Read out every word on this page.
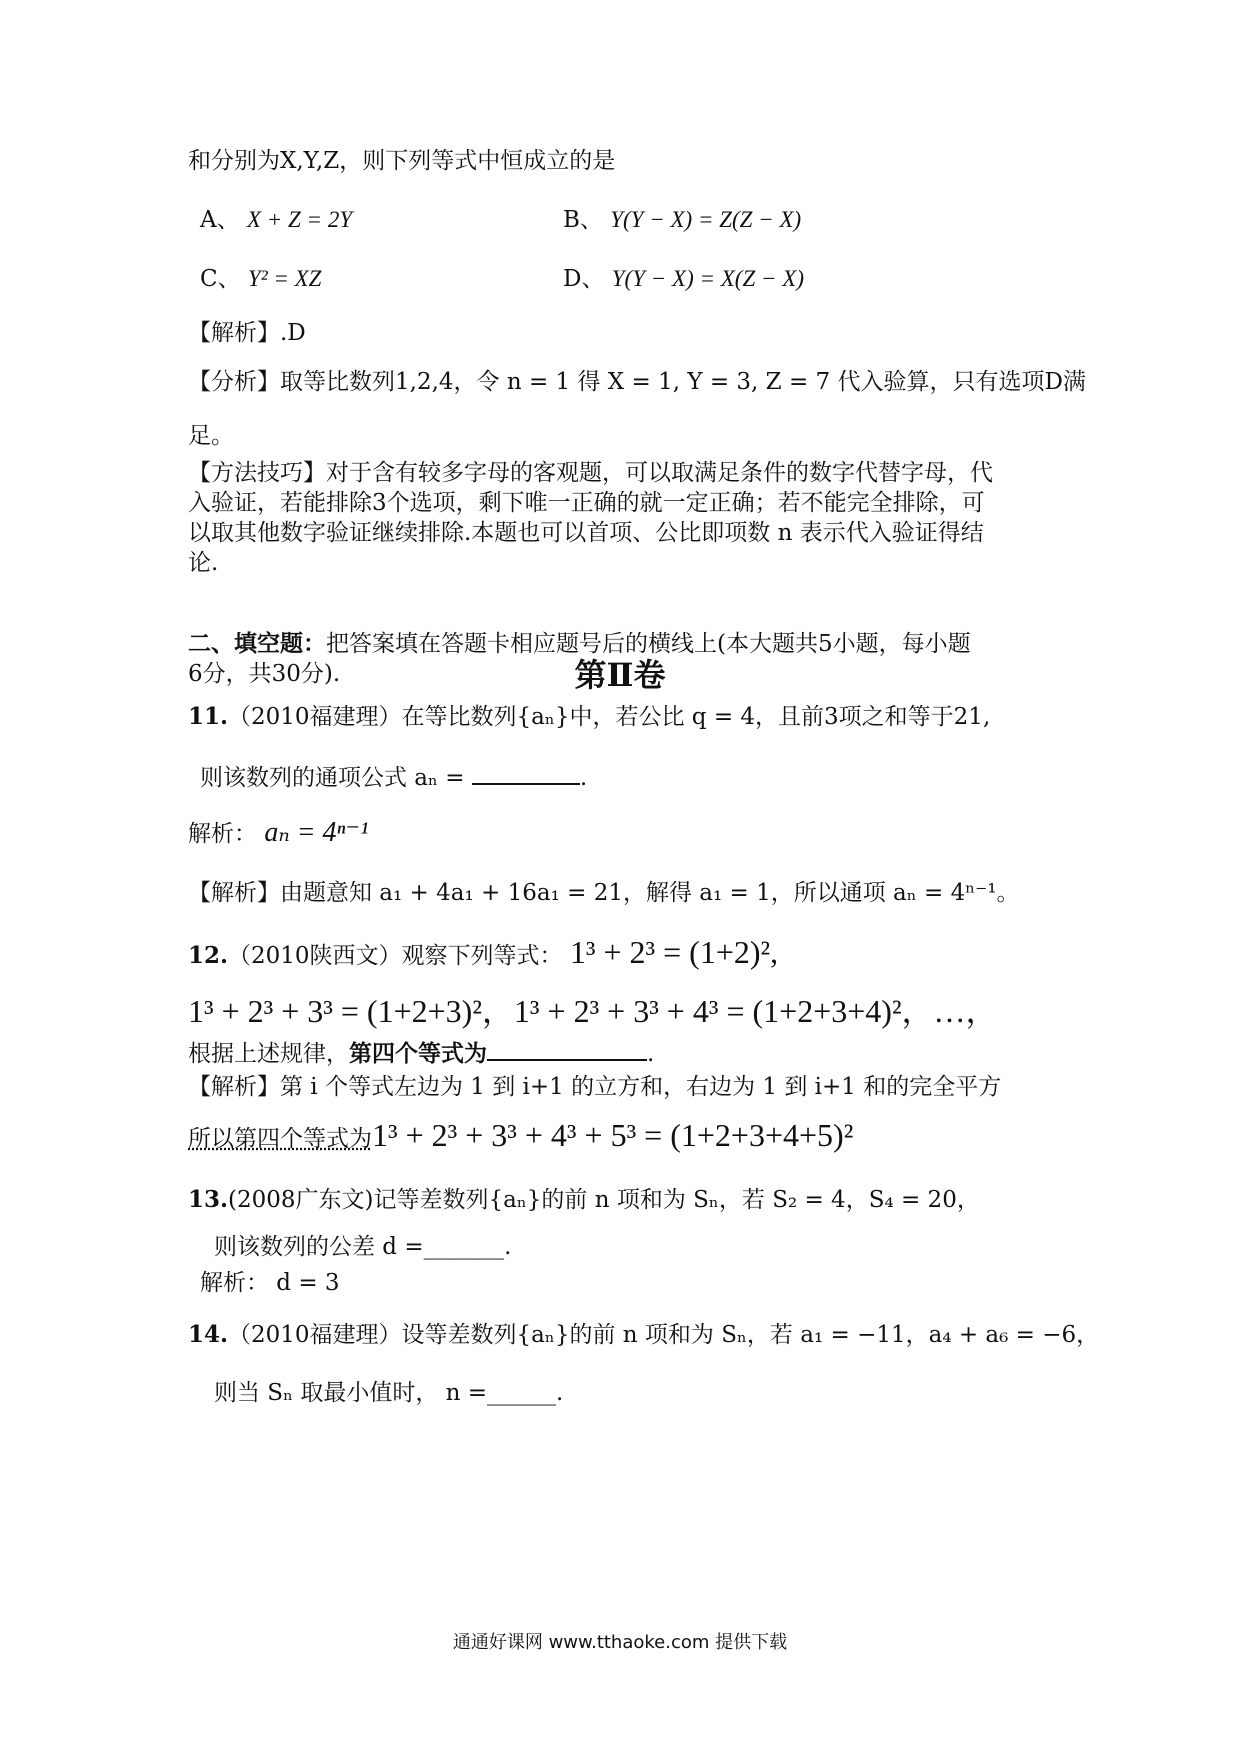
和分别为X,Y,Z，则下列等式中恒成立的是
A、 X + Z = 2Y	B、 Y(Y − X) = Z(Z − X)
C、 Y² = XZ	D、 Y(Y − X) = X(Z − X)
【解析】.D
【分析】取等比数列1,2,4，令 n = 1 得 X = 1, Y = 3, Z = 7 代入验算，只有选项D满
足。
【方法技巧】对于含有较多字母的客观题，可以取满足条件的数字代替字母，代
入验证，若能排除3个选项，剩下唯一正确的就一定正确；若不能完全排除，可
以取其他数字验证继续排除.本题也可以首项、公比即项数 n 表示代入验证得结
论.
第Ⅱ卷
二、填空题：把答案填在答题卡相应题号后的横线上(本大题共5小题，每小题
6分，共30分).
11.（2010福建理）在等比数列{aₙ}中，若公比 q = 4，且前3项之和等于21,
则该数列的通项公式 aₙ =	.
解析： aₙ = 4ⁿ⁻¹
【解析】由题意知 a₁ + 4a₁ + 16a₁ = 21，解得 a₁ = 1，所以通项 aₙ = 4ⁿ⁻¹。
12.（2010陕西文）观察下列等式： 1³ + 2³ = (1+2)²,
1³ + 2³ + 3³ = (1+2+3)²，1³ + 2³ + 3³ + 4³ = (1+2+3+4)²，…，
根据上述规律，第四个等式为	.
【解析】第 i 个等式左边为 1 到 i+1 的立方和，右边为 1 到 i+1 和的完全平方
所以第四个等式为1³ + 2³ + 3³ + 4³ + 5³ = (1+2+3+4+5)²
13.(2008广东文)记等差数列{aₙ}的前 n 项和为 Sₙ，若 S₂ = 4，S₄ = 20，
则该数列的公差 d =_______.
解析： d = 3
14.（2010福建理）设等差数列{aₙ}的前 n 项和为 Sₙ，若 a₁ = −11，a₄ + a₆ = −6，
则当 Sₙ 取最小值时， n =______.
通通好课网 www.tthaoke.com 提供下载
